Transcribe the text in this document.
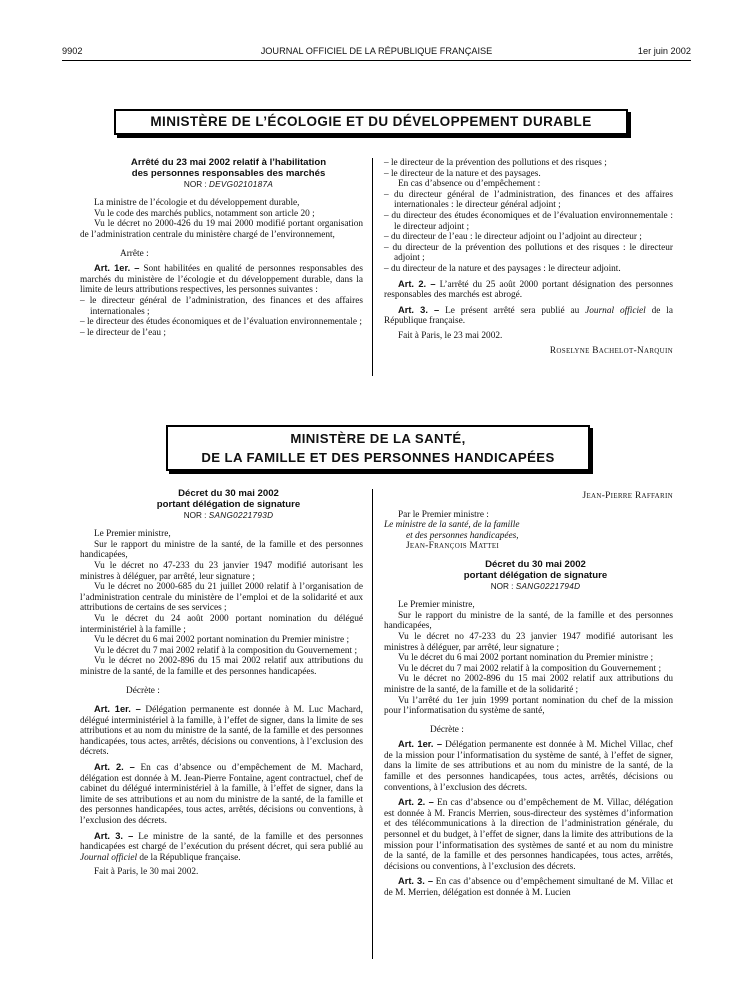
9902	JOURNAL OFFICIEL DE LA RÉPUBLIQUE FRANÇAISE	1er juin 2002
MINISTÈRE DE L’ÉCOLOGIE ET DU DÉVELOPPEMENT DURABLE

Arrêté du 23 mai 2002 relatif à l’habilitation

des personnes responsables des marchés

NOR : DEVG0210187A

La ministre de l’écologie et du développement durable,

Vu le code des marchés publics, notamment son article 20 ;

Vu le décret no 2000-426 du 19 mai 2000 modifié portant organisation de l’administration centrale du ministère chargé de l’environnement,

Arrête :

Art. 1er. – Sont habilitées en qualité de personnes responsables des marchés du ministère de l’écologie et du développement durable, dans la limite de leurs attributions respectives, les personnes suivantes :

– le directeur général de l’administration, des finances et des affaires internationales ;

– le directeur des études économiques et de l’évaluation environnementale ;

– le directeur de l’eau ;

– le directeur de la prévention des pollutions et des risques ;

– le directeur de la nature et des paysages.

En cas d’absence ou d’empêchement :

– du directeur général de l’administration, des finances et des affaires internationales : le directeur général adjoint ;

– du directeur des études économiques et de l’évaluation environnementale : le directeur adjoint ;

– du directeur de l’eau : le directeur adjoint ou l’adjoint au directeur ;

– du directeur de la prévention des pollutions et des risques : le directeur adjoint ;

– du directeur de la nature et des paysages : le directeur adjoint.

Art. 2. – L’arrêté du 25 août 2000 portant désignation des personnes responsables des marchés est abrogé.

Art. 3. – Le présent arrêté sera publié au Journal officiel de la République française.

Fait à Paris, le 23 mai 2002.

Roselyne Bachelot-Narquin

MINISTÈRE DE LA SANTÉ,
DE LA FAMILLE ET DES PERSONNES HANDICAPÉES

Décret du 30 mai 2002

portant délégation de signature

NOR : SANG0221793D

Le Premier ministre,

Sur le rapport du ministre de la santé, de la famille et des personnes handicapées,

Vu le décret no 47-233 du 23 janvier 1947 modifié autorisant les ministres à déléguer, par arrêté, leur signature ;

Vu le décret no 2000-685 du 21 juillet 2000 relatif à l’organisation de l’administration centrale du ministère de l’emploi et de la solidarité et aux attributions de certains de ses services ;

Vu le décret du 24 août 2000 portant nomination du délégué interministériel à la famille ;

Vu le décret du 6 mai 2002 portant nomination du Premier ministre ;

Vu le décret du 7 mai 2002 relatif à la composition du Gouvernement ;

Vu le décret no 2002-896 du 15 mai 2002 relatif aux attributions du ministre de la santé, de la famille et des personnes handicapées.

Décrète :

Art. 1er. – Délégation permanente est donnée à M. Luc Machard, délégué interministériel à la famille, à l’effet de signer, dans la limite de ses attributions et au nom du ministre de la santé, de la famille et des personnes handicapées, tous actes, arrêtés, décisions ou conventions, à l’exclusion des décrets.

Art. 2. – En cas d’absence ou d’empêchement de M. Machard, délégation est donnée à M. Jean-Pierre Fontaine, agent contractuel, chef de cabinet du délégué interministériel à la famille, à l’effet de signer, dans la limite de ses attributions et au nom du ministre de la santé, de la famille et des personnes handicapées, tous actes, arrêtés, décisions ou conventions, à l’exclusion des décrets.

Art. 3. – Le ministre de la santé, de la famille et des personnes handicapées est chargé de l’exécution du présent décret, qui sera publié au Journal officiel de la République française.

Fait à Paris, le 30 mai 2002.

Jean-Pierre Raffarin

Par le Premier ministre :

Le ministre de la santé, de la famille

et des personnes handicapées,

Jean-François Mattei

Décret du 30 mai 2002

portant délégation de signature

NOR : SANG0221794D

Le Premier ministre,

Sur le rapport du ministre de la santé, de la famille et des personnes handicapées,

Vu le décret no 47-233 du 23 janvier 1947 modifié autorisant les ministres à déléguer, par arrêté, leur signature ;

Vu le décret du 6 mai 2002 portant nomination du Premier ministre ;

Vu le décret du 7 mai 2002 relatif à la composition du Gouvernement ;

Vu le décret no 2002-896 du 15 mai 2002 relatif aux attributions du ministre de la santé, de la famille et de la solidarité ;

Vu l’arrêté du 1er juin 1999 portant nomination du chef de la mission pour l’informatisation du système de santé,

Décrète :

Art. 1er. – Délégation permanente est donnée à M. Michel Villac, chef de la mission pour l’informatisation du système de santé, à l’effet de signer, dans la limite de ses attributions et au nom du ministre de la santé, de la famille et des personnes handicapées, tous actes, arrêtés, décisions ou conventions, à l’exclusion des décrets.

Art. 2. – En cas d’absence ou d’empêchement de M. Villac, délégation est donnée à M. Francis Merrien, sous-directeur des systèmes d’information et des télécommunications à la direction de l’administration générale, du personnel et du budget, à l’effet de signer, dans la limite des attributions de la mission pour l’informatisation des systèmes de santé et au nom du ministre de la santé, de la famille et des personnes handicapées, tous actes, arrêtés, décisions ou conventions, à l’exclusion des décrets.

Art. 3. – En cas d’absence ou d’empêchement simultané de M. Villac et de M. Merrien, délégation est donnée à M. Lucien
